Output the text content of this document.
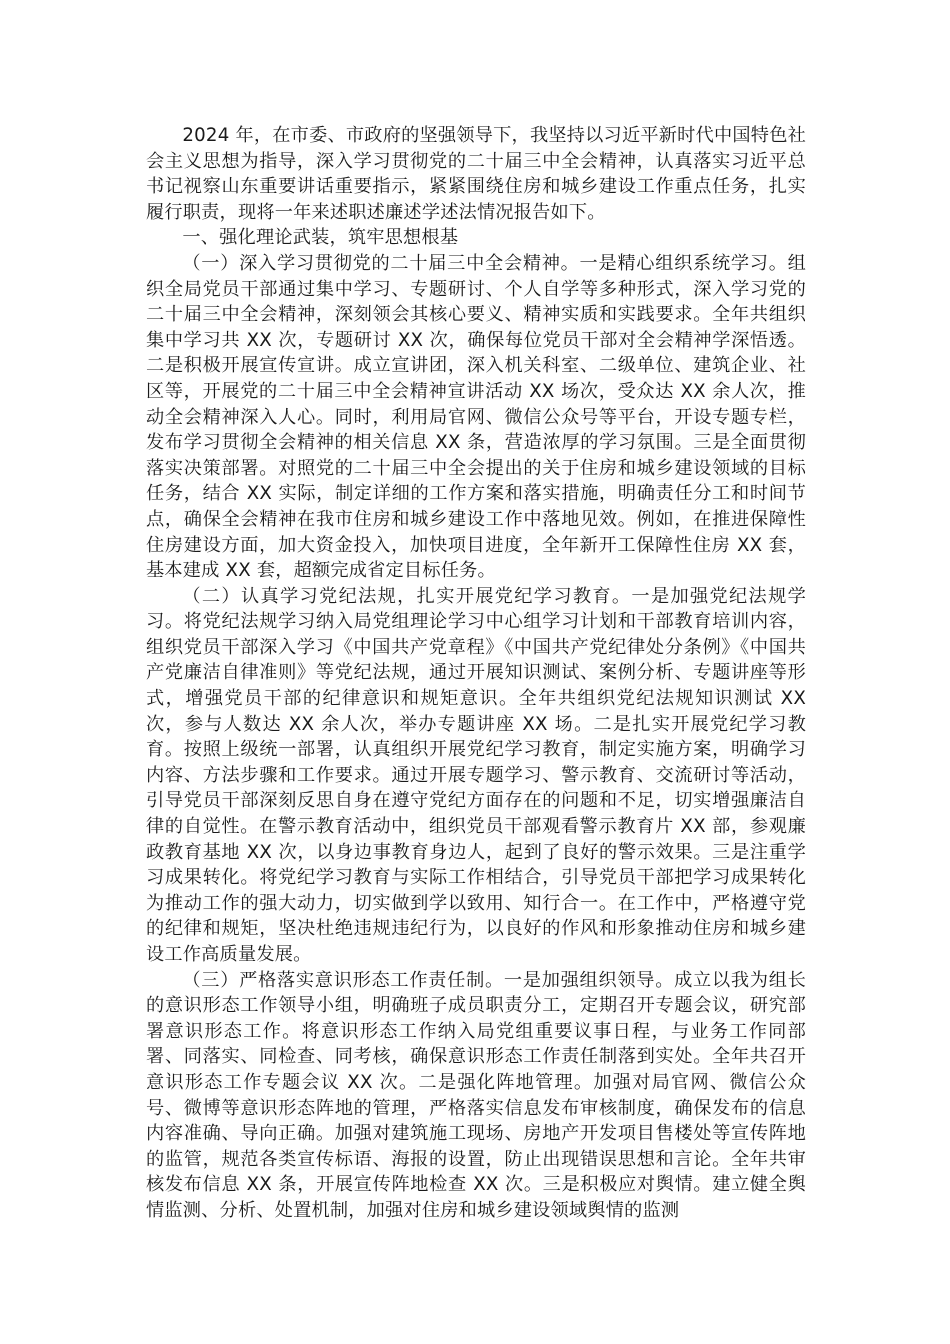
2024 年，在市委、市政府的坚强领导下，我坚持以习近平新时代中国特色社会主义思想为指导，深入学习贯彻党的二十届三中全会精神，认真落实习近平总书记视察山东重要讲话重要指示，紧紧围绕住房和城乡建设工作重点任务，扎实履行职责，现将一年来述职述廉述学述法情况报告如下。

一、强化理论武装，筑牢思想根基

（一）深入学习贯彻党的二十届三中全会精神。一是精心组织系统学习。组织全局党员干部通过集中学习、专题研讨、个人自学等多种形式，深入学习党的二十届三中全会精神，深刻领会其核心要义、精神实质和实践要求。全年共组织集中学习共 XX 次，专题研讨 XX 次，确保每位党员干部对全会精神学深悟透。二是积极开展宣传宣讲。成立宣讲团，深入机关科室、二级单位、建筑企业、社区等，开展党的二十届三中全会精神宣讲活动 XX 场次，受众达 XX 余人次，推动全会精神深入人心。同时，利用局官网、微信公众号等平台，开设专题专栏，发布学习贯彻全会精神的相关信息 XX 条，营造浓厚的学习氛围。三是全面贯彻落实决策部署。对照党的二十届三中全会提出的关于住房和城乡建设领域的目标任务，结合 XX 实际，制定详细的工作方案和落实措施，明确责任分工和时间节点，确保全会精神在我市住房和城乡建设工作中落地见效。例如，在推进保障性住房建设方面，加大资金投入，加快项目进度，全年新开工保障性住房 XX 套，基本建成 XX 套，超额完成省定目标任务。

（二）认真学习党纪法规，扎实开展党纪学习教育。一是加强党纪法规学习。将党纪法规学习纳入局党组理论学习中心组学习计划和干部教育培训内容，组织党员干部深入学习《中国共产党章程》《中国共产党纪律处分条例》《中国共产党廉洁自律准则》等党纪法规，通过开展知识测试、案例分析、专题讲座等形式，增强党员干部的纪律意识和规矩意识。全年共组织党纪法规知识测试 XX 次，参与人数达 XX 余人次，举办专题讲座 XX 场。二是扎实开展党纪学习教育。按照上级统一部署，认真组织开展党纪学习教育，制定实施方案，明确学习内容、方法步骤和工作要求。通过开展专题学习、警示教育、交流研讨等活动，引导党员干部深刻反思自身在遵守党纪方面存在的问题和不足，切实增强廉洁自律的自觉性。在警示教育活动中，组织党员干部观看警示教育片 XX 部，参观廉政教育基地 XX 次，以身边事教育身边人，起到了良好的警示效果。三是注重学习成果转化。将党纪学习教育与实际工作相结合，引导党员干部把学习成果转化为推动工作的强大动力，切实做到学以致用、知行合一。在工作中，严格遵守党的纪律和规矩，坚决杜绝违规违纪行为，以良好的作风和形象推动住房和城乡建设工作高质量发展。

（三）严格落实意识形态工作责任制。一是加强组织领导。成立以我为组长的意识形态工作领导小组，明确班子成员职责分工，定期召开专题会议，研究部署意识形态工作。将意识形态工作纳入局党组重要议事日程，与业务工作同部署、同落实、同检查、同考核，确保意识形态工作责任制落到实处。全年共召开意识形态工作专题会议 XX 次。二是强化阵地管理。加强对局官网、微信公众号、微博等意识形态阵地的管理，严格落实信息发布审核制度，确保发布的信息内容准确、导向正确。加强对建筑施工现场、房地产开发项目售楼处等宣传阵地的监管，规范各类宣传标语、海报的设置，防止出现错误思想和言论。全年共审核发布信息 XX 条，开展宣传阵地检查 XX 次。三是积极应对舆情。建立健全舆情监测、分析、处置机制，加强对住房和城乡建设领域舆情的监测
